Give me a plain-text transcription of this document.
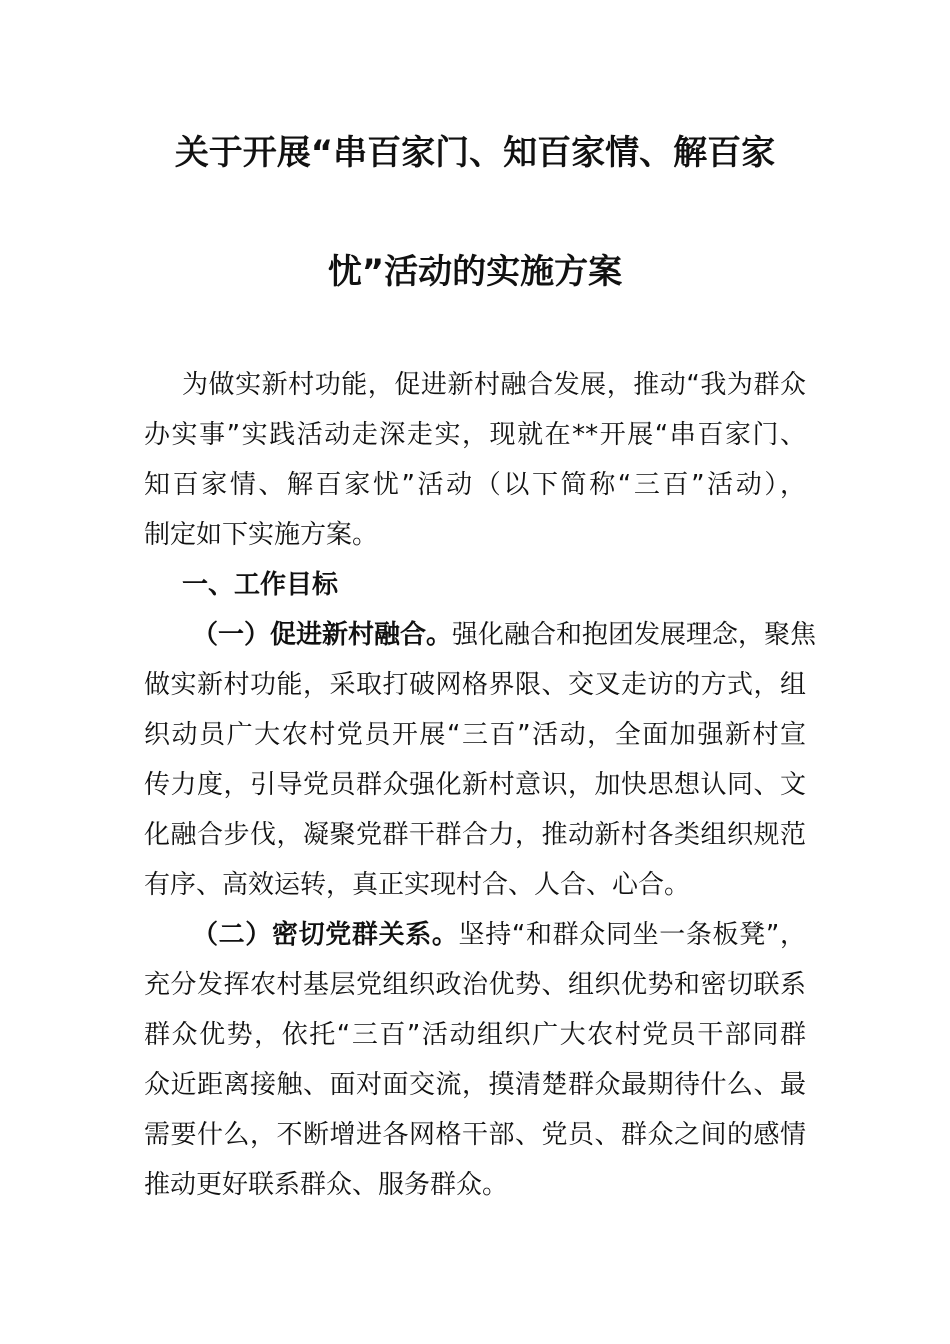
关于开展“串百家门、知百家情、解百家
忧”活动的实施方案
为做实新村功能，促进新村融合发展，推动“我为群众
办实事”实践活动走深走实，现就在**开展“串百家门、
知百家情、解百家忧”活动（以下简称“三百”活动），
制定如下实施方案。
一、工作目标
（一）促进新村融合。强化融合和抱团发展理念，聚焦
做实新村功能，采取打破网格界限、交叉走访的方式，组
织动员广大农村党员开展“三百”活动，全面加强新村宣
传力度，引导党员群众强化新村意识，加快思想认同、文
化融合步伐，凝聚党群干群合力，推动新村各类组织规范
有序、高效运转，真正实现村合、人合、心合。
（二）密切党群关系。坚持“和群众同坐一条板凳”，
充分发挥农村基层党组织政治优势、组织优势和密切联系
群众优势，依托“三百”活动组织广大农村党员干部同群
众近距离接触、面对面交流，摸清楚群众最期待什么、最
需要什么，不断增进各网格干部、党员、群众之间的感情
推动更好联系群众、服务群众。
